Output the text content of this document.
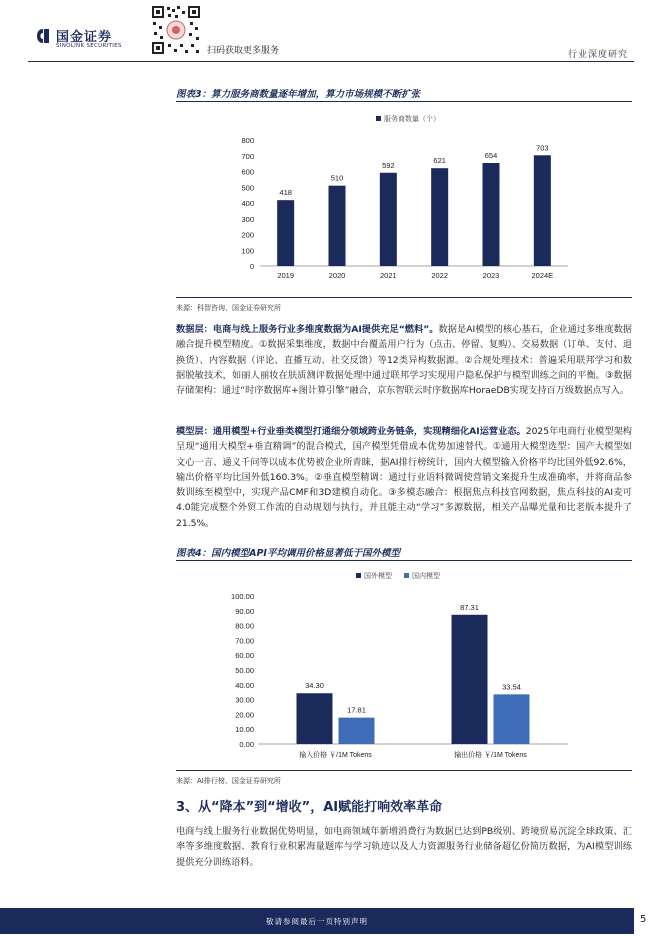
国金证券
SINOLINK SECURITIES	扫码获取更多服务	行业深度研究
图表3：算力服务商数量逐年增加，算力市场规模不断扩张
服务商数量（个）
0
100
200
300
400
500
600
700
800
418
2019
510
2020
592
2021
621
2022
654
2023
703
2024E
来源：科智咨询、国金证券研究所
数据层：电商与线上服务行业多维度数据为AI提供充足“燃料”。数据是AI模型的核心基石，企业通过多维度数据融合提升模型精度。①数据采集维度，数据中台覆盖用户行为（点击、停留、复购）、交易数据（订单、支付、退换货）、内容数据（评论、直播互动、社交反馈）等12类异构数据源。②合规处理技术：普遍采用联邦学习和数据脱敏技术，如丽人丽妆在肤质测评数据处理中通过联邦学习实现用户隐私保护与模型训练之间的平衡。③数据存储架构：通过“时序数据库+图计算引擎”融合，京东智联云时序数据库HoraeDB实现支持百万级数据点写入。
模型层：通用模型+行业垂类模型打通细分领域跨业务链条，实现精细化AI运营业态。2025年电商行业模型架构呈现“通用大模型+垂直精调”的混合模式，国产模型凭借成本优势加速替代。①通用大模型选型：国产大模型如文心一言、通义千问等以成本优势被企业所青睐，据AI排行榜统计，国内大模型输入价格平均比国外低92.6%，输出价格平均比国外低160.3%。②垂直模型精调：通过行业语料微调使营销文案提升生成准确率，并将商品参数训练至模型中，实现产品CMF和3D建模自动化。③多模态融合：根据焦点科技官网数据，焦点科技的AI麦可4.0能完成整个外贸工作流的自动规划与执行，并且能主动“学习”多源数据，相关产品曝光量和比老版本提升了21.5%。
图表4：国内模型API平均调用价格显著低于国外模型
国外模型	国内模型
0.00
10.00
20.00
30.00
40.00
50.00
60.00
70.00
80.00
90.00
100.00
34.30
17.81
输入价格 ￥/1M Tokens
87.31
33.54
输出价格 ￥/1M Tokens
来源：AI排行榜、国金证券研究所
3、从“降本”到“增收”，AI赋能打响效率革命
电商与线上服务行业数据优势明显，如电商领域年新增消费行为数据已达到PB级别、跨境贸易沉淀全球政策、汇率等多维度数据、教育行业积累海量题库与学习轨迹以及人力资源服务行业储备超亿份简历数据，为AI模型训练提供充分训练语料。
敬请参阅最后一页特别声明	5
